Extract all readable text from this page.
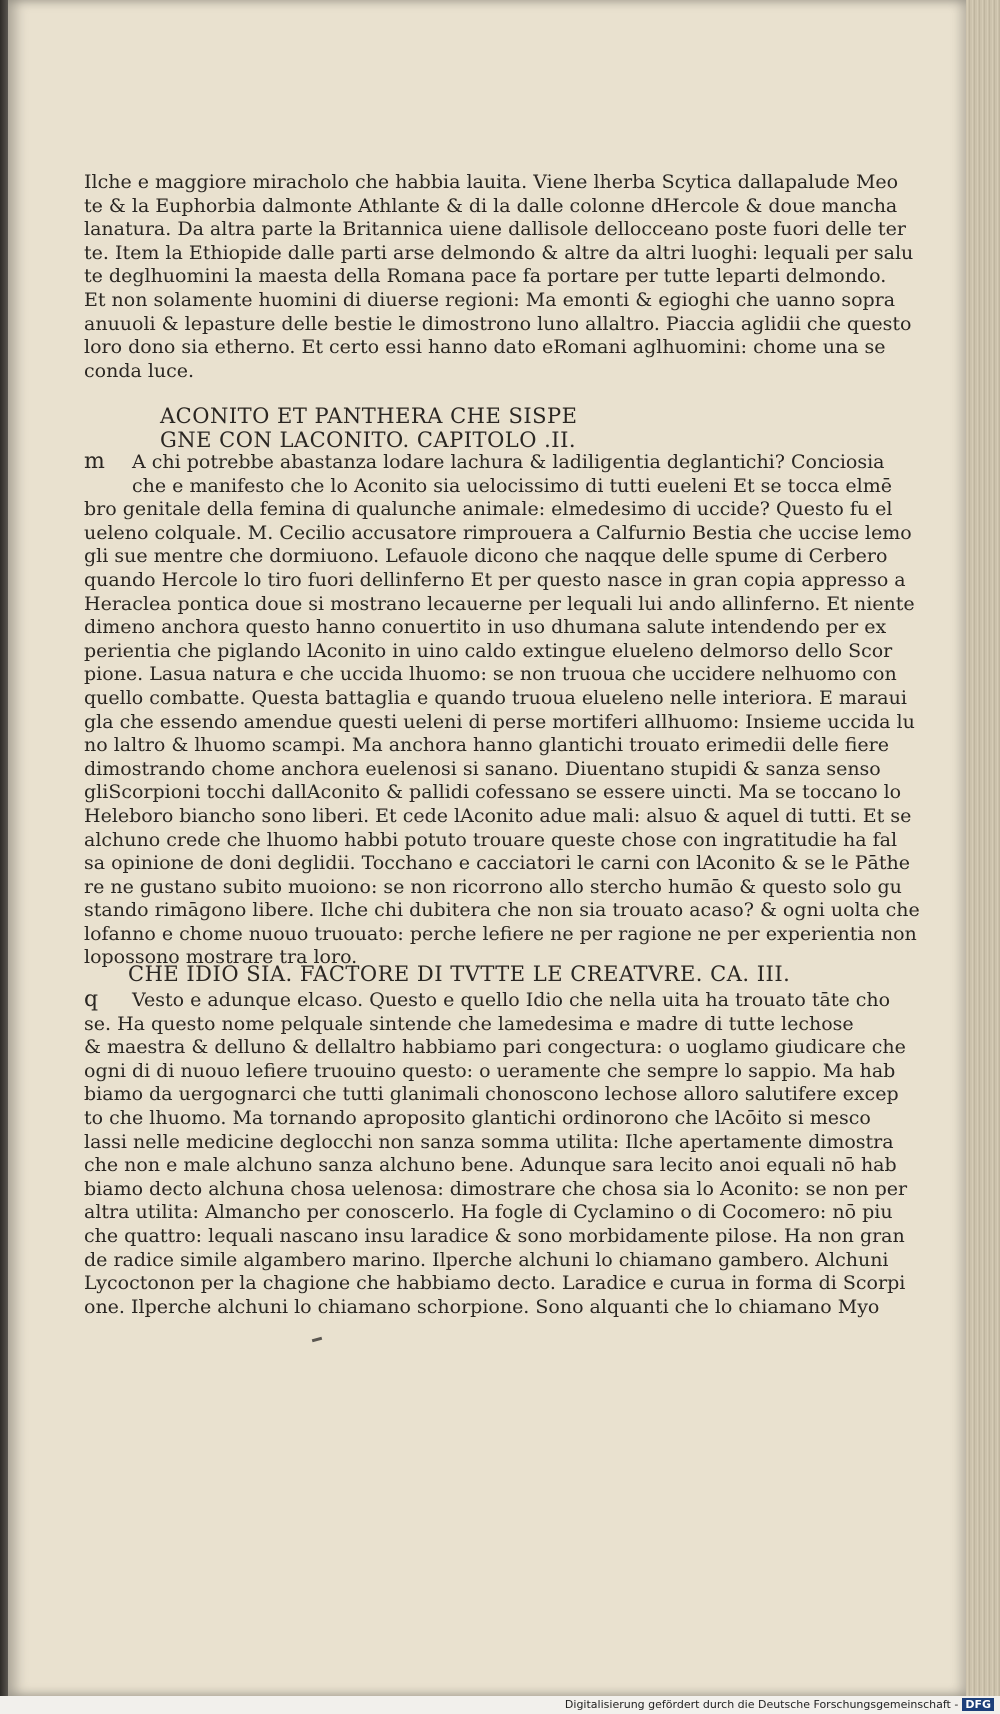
Ilche e maggiore miracholo che habbia lauita. Viene lherba Scytica dallapalude Meo
te & la Euphorbia dalmonte Athlante & di la dalle colonne dHercole & doue mancha
lanatura. Da altra parte la Britannica uiene dallisole dellocceano poste fuori delle ter
te. Item la Ethiopide dalle parti arse delmondo & altre da altri luoghi: lequali per salu
te deglhuomini la maesta della Romana pace fa portare per tutte leparti delmondo.
Et non solamente huomini di diuerse regioni: Ma emonti & egioghi che uanno sopra
anuuoli & lepasture delle bestie le dimostrono luno allaltro. Piaccia aglidii che questo
loro dono sia etherno. Et certo essi hanno dato eRomani aglhuomini: chome una se
conda luce.
ACONITO ET PANTHERA CHE SISPE
GNE CON LACONITO. CAPITOLO .II.
m	A chi potrebbe abastanza lodare lachura & ladiligentia deglantichi? Conciosia
che e manifesto che lo Aconito sia uelocissimo di tutti eueleni Et se tocca elmē
bro genitale della femina di qualunche animale: elmedesimo di uccide? Questo fu el
ueleno colquale. M. Cecilio accusatore rimprouera a Calfurnio Bestia che uccise lemo
gli sue mentre che dormiuono. Lefauole dicono che naqque delle spume di Cerbero
quando Hercole lo tiro fuori dellinferno Et per questo nasce in gran copia appresso a
Heraclea pontica doue si mostrano lecauerne per lequali lui ando allinferno. Et niente
dimeno anchora questo hanno conuertito in uso dhumana salute intendendo per ex
perientia che piglando lAconito in uino caldo extingue elueleno delmorso dello Scor
pione. Lasua natura e che uccida lhuomo: se non truoua che uccidere nelhuomo con
quello combatte. Questa battaglia e quando truoua elueleno nelle interiora. E maraui
gla che essendo amendue questi ueleni di perse mortiferi allhuomo: Insieme uccida lu
no laltro & lhuomo scampi. Ma anchora hanno glantichi trouato erimedii delle fiere
dimostrando chome anchora euelenosi si sanano. Diuentano stupidi & sanza senso
gliScorpioni tocchi dallAconito & pallidi cofessano se essere uincti. Ma se toccano lo
Heleboro biancho sono liberi. Et cede lAconito adue mali: alsuo & aquel di tutti. Et se
alchuno crede che lhuomo habbi potuto trouare queste chose con ingratitudie ha fal
sa opinione de doni deglidii. Tocchano e cacciatori le carni con lAconito & se le Pāthe
re ne gustano subito muoiono: se non ricorrono allo stercho humāo & questo solo gu
stando rimāgono libere. Ilche chi dubitera che non sia trouato acaso? & ogni uolta che
lofanno e chome nuouo truouato: perche lefiere ne per ragione ne per experientia non
lopossono mostrare tra loro.
CHE IDIO SIA. FACTORE DI TVTTE LE CREATVRE. CA. III.
q	Vesto e adunque elcaso. Questo e quello Idio che nella uita ha trouato tāte cho
se. Ha questo nome pelquale sintende che lamedesima e madre di tutte lechose
& maestra & delluno & dellaltro habbiamo pari congectura: o uoglamo giudicare che
ogni di di nuouo lefiere truouino questo: o ueramente che sempre lo sappio. Ma hab
biamo da uergognarci che tutti glanimali chonoscono lechose alloro salutifere excep
to che lhuomo. Ma tornando aproposito glantichi ordinorono che lAcōito si mesco
lassi nelle medicine deglocchi non sanza somma utilita: Ilche apertamente dimostra
che non e male alchuno sanza alchuno bene. Adunque sara lecito anoi equali nō hab
biamo decto alchuna chosa uelenosa: dimostrare che chosa sia lo Aconito: se non per
altra utilita: Almancho per conoscerlo. Ha fogle di Cyclamino o di Cocomero: nō piu
che quattro: lequali nascano insu laradice & sono morbidamente pilose. Ha non gran
de radice simile algambero marino. Ilperche alchuni lo chiamano gambero. Alchuni
Lycoctonon per la chagione che habbiamo decto. Laradice e curua in forma di Scorpi
one. Ilperche alchuni lo chiamano schorpione. Sono alquanti che lo chiamano Myo
Digitalisierung gefördert durch die Deutsche Forschungsgemeinschaft - DFG
